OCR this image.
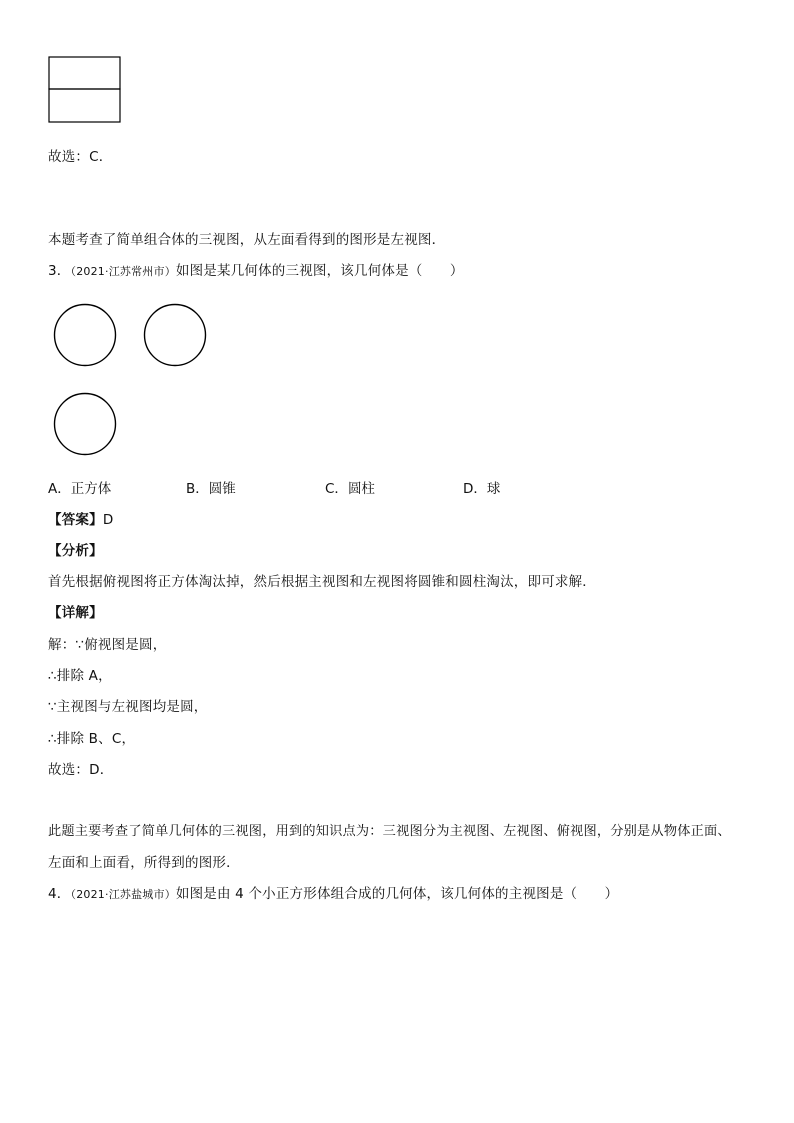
故选：C．
本题考查了简单组合体的三视图，从左面看得到的图形是左视图．
3．（2021·江苏常州市）如图是某几何体的三视图，该几何体是（　　）
A．正方体	B．圆锥	C．圆柱	D．球
【答案】D
【分析】
首先根据俯视图将正方体淘汰掉，然后根据主视图和左视图将圆锥和圆柱淘汰，即可求解．
【详解】
解：∵俯视图是圆，
∴排除 A，
∵主视图与左视图均是圆，
∴排除 B、C，
故选：D．
此题主要考查了简单几何体的三视图，用到的知识点为：三视图分为主视图、左视图、俯视图，分别是从物体正面、
左面和上面看，所得到的图形．
4．（2021·江苏盐城市）如图是由 4 个小正方形体组合成的几何体，该几何体的主视图是（　　）
